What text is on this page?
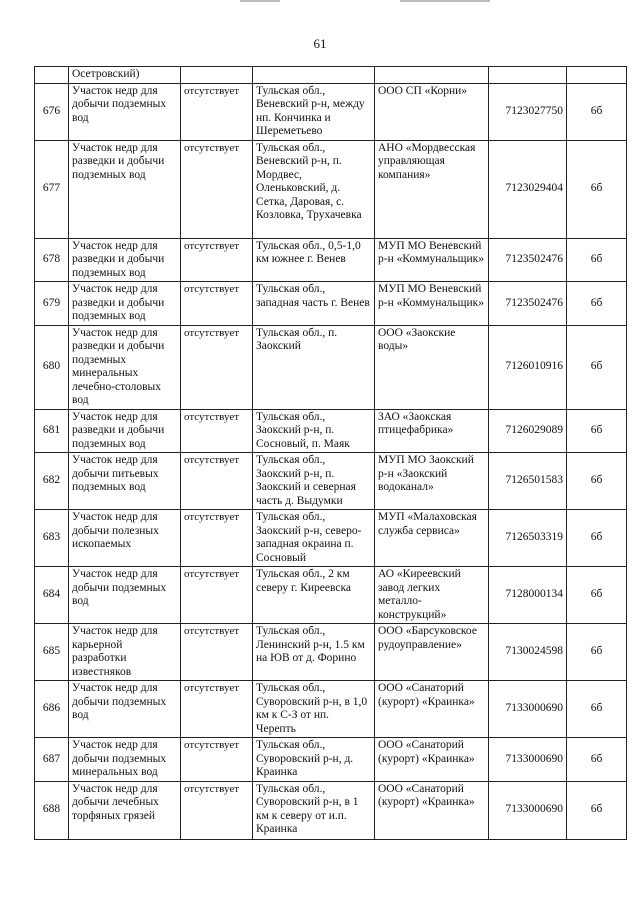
61
	Осетровский)					
676	Участок недр для добычи подземных вод	отсутствует	Тульская обл., Веневский р-н, между нп. Кончинка и Шереметьево	ООО СП «Корни»	7123027750	6б
677	Участок недр для разведки и добычи подземных вод	отсутствует	Тульская обл., Веневский р-н, п. Мордвес, Оленьковский, д. Сетка, Даровая, с. Козловка, Трухачевка	АНО «Мордвесская управляющая компания»	7123029404	6б
678	Участок недр для разведки и добычи подземных вод	отсутствует	Тульская обл., 0,5-1,0 км южнее г. Венев	МУП МО Веневский р-н «Коммунальщик»	7123502476	6б
679	Участок недр для разведки и добычи подземных вод	отсутствует	Тульская обл., западная часть г. Венев	МУП МО Веневский р-н «Коммунальщик»	7123502476	6б
680	Участок недр для разведки и добычи подземных минеральных лечебно-столовых вод	отсутствует	Тульская обл., п. Заокский	ООО «Заокские воды»	7126010916	6б
681	Участок недр для разведки и добычи подземных вод	отсутствует	Тульская обл., Заокский р-н, п. Сосновый, п. Маяк	ЗАО «Заокская птицефабрика»	7126029089	6б
682	Участок недр для добычи питьевых подземных вод	отсутствует	Тульская обл., Заокский р-н, п. Заокский и северная часть д. Выдумки	МУП МО Заокский р-н «Заокский водоканал»	7126501583	6б
683	Участок недр для добычи полезных ископаемых	отсутствует	Тульская обл., Заокский р-н, северо-западная окраина п. Сосновый	МУП «Малаховская служба сервиса»	7126503319	6б
684	Участок недр для добычи подземных вод	отсутствует	Тульская обл., 2 км северу г. Киреевска	АО «Киреевский завод легких металло-конструкций»	7128000134	6б
685	Участок недр для карьерной разработки известняков	отсутствует	Тульская обл., Ленинский р-н, 1.5 км на ЮВ от д. Форино	ООО «Барсуковское рудоуправление»	7130024598	6б
686	Участок недр для добычи подземных вод	отсутствует	Тульская обл., Суворовский р-н, в 1,0 км к С-З от нп. Черепть	ООО «Санаторий (курорт) «Краинка»	7133000690	6б
687	Участок недр для добычи подземных минеральных вод	отсутствует	Тульская обл., Суворовский р-н, д. Краинка	ООО «Санаторий (курорт) «Краинка»	7133000690	6б
688	Участок недр для добычи лечебных торфяных грязей	отсутствует	Тульская обл., Суворовский р-н, в 1 км к северу от и.п. Краинка	ООО «Санаторий (курорт) «Краинка»	7133000690	6б
